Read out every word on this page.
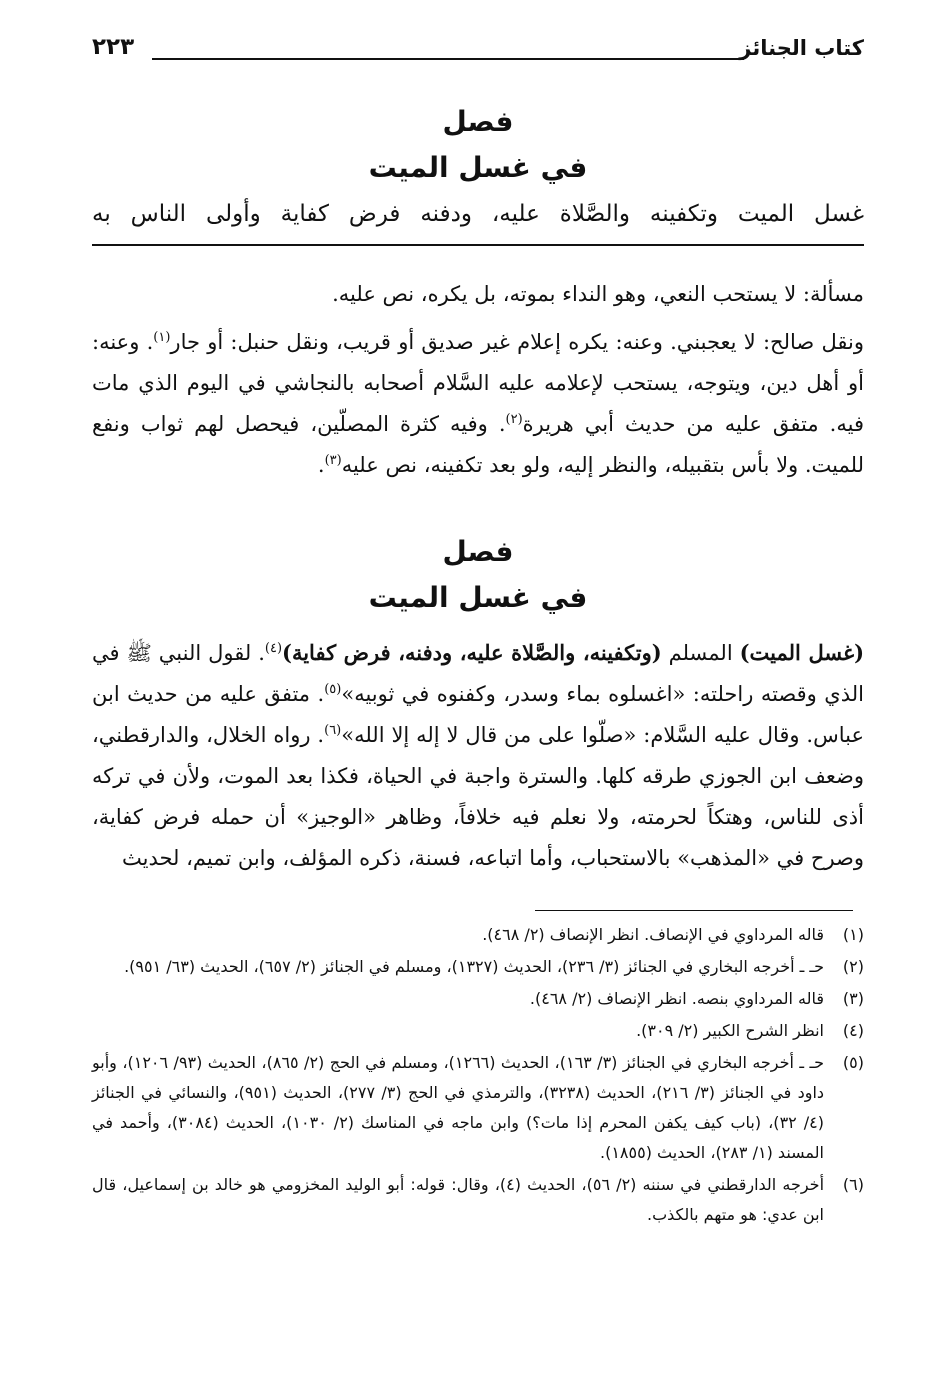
كتاب الجنائز
٢٢٣
فصل
في غسل الميت
غسل الميت وتكفينه والصَّلاة عليه، ودفنه فرض كفاية وأولى الناس به
مسألة: لا يستحب النعي، وهو النداء بموته، بل يكره، نص عليه.
ونقل صالح: لا يعجبني. وعنه: يكره إعلام غير صديق أو قريب، ونقل حنبل: أو جار$^{(١)}$. وعنه: أو أهل دين، ويتوجه، يستحب لإعلامه عليه السَّلام أصحابه بالنجاشي في اليوم الذي مات فيه. متفق عليه من حديث أبي هريرة$^{(٢)}$. وفيه كثرة المصلّين، فيحصل لهم ثواب ونفع للميت. ولا بأس بتقبيله، والنظر إليه، ولو بعد تكفينه، نص عليه$^{(٣)}$.
فصل
في غسل الميت
(غسل الميت) المسلم (وتكفينه، والصَّلاة عليه، ودفنه، فرض كفاية)$^{(٤)}$. لقول النبي ﷺ في الذي وقصته راحلته: «اغسلوه بماء وسدر، وكفنوه في ثوبيه»$^{(٥)}$. متفق عليه من حديث ابن عباس. وقال عليه السَّلام: «صلّوا على من قال لا إله إلا الله»$^{(٦)}$. رواه الخلال، والدارقطني، وضعف ابن الجوزي طرقه كلها. والسترة واجبة في الحياة، فكذا بعد الموت، ولأن في تركه أذى للناس، وهتكاً لحرمته، ولا نعلم فيه خلافاً، وظاهر «الوجيز» أن حمله فرض كفاية، وصرح في «المذهب» بالاستحباب، وأما اتباعه، فسنة، ذكره المؤلف، وابن تميم، لحديث
(١)
قاله المرداوي في الإنصاف. انظر الإنصاف (٢/ ٤٦٨).
(٢)
حـ ـ أخرجه البخاري في الجنائز (٣/ ٢٣٦)، الحديث (١٣٢٧)، ومسلم في الجنائز (٢/ ٦٥٧)، الحديث (٦٣/ ٩٥١).
(٣)
قاله المرداوي بنصه. انظر الإنصاف (٢/ ٤٦٨).
(٤)
انظر الشرح الكبير (٢/ ٣٠٩).
(٥)
حـ ـ أخرجه البخاري في الجنائز (٣/ ١٦٣)، الحديث (١٢٦٦)، ومسلم في الحج (٢/ ٨٦٥)، الحديث (٩٣/ ١٢٠٦)، وأبو داود في الجنائز (٣/ ٢١٦)، الحديث (٣٢٣٨)، والترمذي في الحج (٣/ ٢٧٧)، الحديث (٩٥١)، والنسائي في الجنائز (٤/ ٣٢)، (باب كيف يكفن المحرم إذا مات؟) وابن ماجه في المناسك (٢/ ١٠٣٠)، الحديث (٣٠٨٤)، وأحمد في المسند (١/ ٢٨٣)، الحديث (١٨٥٥).
(٦)
أخرجه الدارقطني في سننه (٢/ ٥٦)، الحديث (٤)، وقال: قوله: أبو الوليد المخزومي هو خالد بن إسماعيل، قال ابن عدي: هو متهم بالكذب.
